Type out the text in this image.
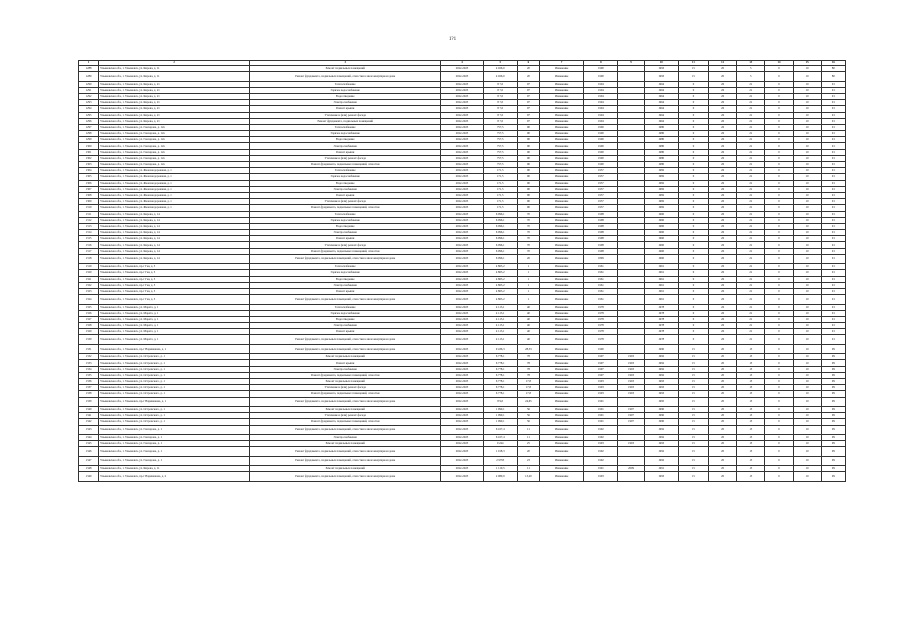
1?1
1	2	3	4	5	6	7	8	9	10	11	12	13	14	15	16
1288	Ульяновская обл., г. Ульяновск, ул. Кирова, д. 11	Ремонт подвальных помещений	2022-2023	4 026,0	20	Изменение	1900		1993	15	20	5	0	10	80
1289	Ульяновская обл., г. Ульяновск, ул. Кирова, д. 11	Ремонт фундамента, подвальных помещений, отмостки в многоквартирном доме	2022-2023	4 026,0	20	Изменение	1900		1993	15	20	5	0	10	80
1290	Ульяновская обл., г. Ульяновск, ул. Кирова, д. 21	Теплоснабжение	2022-2023	8 ?,0	97	Изменение	1904		1964	0	26	21	0	10	91
1291	Ульяновская обл., г. Ульяновск, ул. Кирова, д. 21	Горячее водоснабжение	2022-2023	8 ?,0	97	Изменение	1904		1964	0	26	21	0	10	91
1292	Ульяновская обл., г. Ульяновск, ул. Кирова, д. 21	Водоотведение	2022-2023	8 ?,0	97	Изменение	1904		1964	0	26	21	0	10	91
1293	Ульяновская обл., г. Ульяновск, ул. Кирова, д. 21	Электроснабжение	2022-2023	8 ?,0	97	Изменение	1904		1964	0	26	21	0	10	91
1294	Ульяновская обл., г. Ульяновск, ул. Кирова, д. 21	Ремонт крыши	2022-2023	8 ?,0	97	Изменение	1904		1964	0	26	21	0	10	91
1295	Ульяновская обл., г. Ульяновск, ул. Кирова, д. 21	Утепление и (или) ремонт фасада	2022-2023	8 ?,0	97	Изменение	1904		1964	0	26	21	0	10	91
1296	Ульяновская обл., г. Ульяновск, ул. Кирова, д. 21	Ремонт фундамента, подвальных помещений	2022-2023	8 ?,0	97	Изменение	1904		1964	0	26	21	0	10	91
1297	Ульяновская обл., г. Ульяновск, ул. Гончарова, д. 12а	Теплоснабжение	2022-2023	757,5	90	Изменение	1900		1980	0	26	21	0	10	91
1298	Ульяновская обл., г. Ульяновск, ул. Гончарова, д. 12а	Горячее водоснабжение	2022-2023	757,5	90	Изменение	1900		1980	0	26	21	0	10	91
1299	Ульяновская обл., г. Ульяновск, ул. Гончарова, д. 12а	Водоотведение	2022-2023	757,5	90	Изменение	1900		1980	0	26	21	0	10	91
1300	Ульяновская обл., г. Ульяновск, ул. Гончарова, д. 12а	Электроснабжение	2022-2023	757,5	90	Изменение	1900		1980	0	26	21	0	10	91
1301	Ульяновская обл., г. Ульяновск, ул. Гончарова, д. 12а	Ремонт крыши	2022-2023	757,5	90	Изменение	1900		1980	0	26	21	0	10	91
1302	Ульяновская обл., г. Ульяновск, ул. Гончарова, д. 12а	Утепление и (или) ремонт фасада	2022-2023	757,5	90	Изменение	1900		1980	0	26	21	0	10	91
1303	Ульяновская обл., г. Ульяновск, ул. Гончарова, д. 12а	Ремонт фундамента, подвальных помещений, отмостки	2022-2023	757,5	90	Изменение	1900		1980	0	26	21	0	10	91
1304	Ульяновская обл., г. Ульяновск, ул. Железнодорожная, д. 1	Теплоснабжение	2022-2023	171,5	90	Изменение	1957		1982	0	26	21	0	10	91
1305	Ульяновская обл., г. Ульяновск, ул. Железнодорожная, д. 1	Горячее водоснабжение	2022-2023	171,5	90	Изменение	1957		1982	0	26	21	0	10	91
1306	Ульяновская обл., г. Ульяновск, ул. Железнодорожная, д. 1	Водоотведение	2022-2023	171,5	90	Изменение	1957		1982	0	26	21	0	10	91
1307	Ульяновская обл., г. Ульяновск, ул. Железнодорожная, д. 1	Электроснабжение	2022-2023	171,5	90	Изменение	1957		1982	0	26	21	0	10	91
1308	Ульяновская обл., г. Ульяновск, ул. Железнодорожная, д. 1	Ремонт крыши	2022-2023	171,5	90	Изменение	1957		1982	0	26	21	0	10	91
1309	Ульяновская обл., г. Ульяновск, ул. Железнодорожная, д. 1	Утепление и (или) ремонт фасада	2022-2023	171,5	90	Изменение	1957		1982	0	26	21	0	10	91
1310	Ульяновская обл., г. Ульяновск, ул. Железнодорожная, д. 1	Ремонт фундамента, подвальных помещений, отмостки	2022-2023	171,5	90	Изменение	1957		1982	0	26	21	0	10	91
1311	Ульяновская обл., г. Ульяновск, ул. Кирова, д. 14	Теплоснабжение	2022-2023	6 096,1	70	Изменение	1908		1960	0	26	21	0	10	91
1312	Ульяновская обл., г. Ульяновск, ул. Кирова, д. 14	Горячее водоснабжение	2022-2023	6 096,1	70	Изменение	1908		1960	0	26	21	0	10	91
1313	Ульяновская обл., г. Ульяновск, ул. Кирова, д. 14	Водоотведение	2022-2023	6 096,1	70	Изменение	1908		1960	0	26	21	0	10	91
1314	Ульяновская обл., г. Ульяновск, ул. Кирова, д. 14	Электроснабжение	2022-2023	6 096,1	70	Изменение	1908		1960	0	26	21	0	10	91
1315	Ульяновская обл., г. Ульяновск, ул. Кирова, д. 14	Ремонт крыши	2022-2023	6 096,1	70	Изменение	1908		1960	0	26	21	0	10	91
1316	Ульяновская обл., г. Ульяновск, ул. Кирова, д. 14	Утепление и (или) ремонт фасада	2022-2023	6 096,1	70	Изменение	1908		1960	0	26	21	0	10	91
1317	Ульяновская обл., г. Ульяновск, ул. Кирова, д. 14	Ремонт фундамента, подвальных помещений, отмостки	2022-2023	6 096,1	70	Изменение	1908		1960	0	26	21	0	10	91
1318	Ульяновская обл., г. Ульяновск, ул. Кирова, д. 14	Ремонт фундамента, подвальных помещений, отмостки в многоквартирном доме	2022-2023	6 096,1	26	Изменение	1899		1960	0	26	21	0	10	91
1319	Ульяновская обл., г. Ульяновск, пр-т Гая, д. 3	Теплоснабжение	2022-2023	4 863,2	1	Изменение	1961		1961	0	26	21	0	10	91
1320	Ульяновская обл., г. Ульяновск, пр-т Гая, д. 3	Горячее водоснабжение	2022-2023	4 863,2	1	Изменение	1961		1961	0	26	21	0	10	91
1321	Ульяновская обл., г. Ульяновск, пр-т Гая, д. 3	Водоотведение	2022-2023	4 863,2	1	Изменение	1961		1961	0	26	21	0	10	91
1322	Ульяновская обл., г. Ульяновск, пр-т Гая, д. 3	Электроснабжение	2022-2023	4 863,2	1	Изменение	1961		1961	0	26	21	0	10	91
1323	Ульяновская обл., г. Ульяновск, пр-т Гая, д. 3	Ремонт крыши	2022-2023	4 863,2	1	Изменение	1961		1961	0	26	21	0	10	91
1324	Ульяновская обл., г. Ульяновск, пр-т Гая, д. 3	Ремонт фундамента, подвальных помещений, отмостки в многоквартирном доме	2022-2023	4 863,2	1	Изменение	1961		1961	0	26	21	0	10	91
1325	Ульяновская обл., г. Ульяновск, ул. Марата, д. 1	Теплоснабжение	2022-2023	4 113,1	40	Изменение	1978		1978	0	26	21	0	10	91
1326	Ульяновская обл., г. Ульяновск, ул. Марата, д. 1	Горячее водоснабжение	2022-2023	4 113,1	40	Изменение	1978		1978	0	26	21	0	10	91
1327	Ульяновская обл., г. Ульяновск, ул. Марата, д. 1	Водоотведение	2022-2023	4 113,1	40	Изменение	1978		1978	0	26	21	0	10	91
1328	Ульяновская обл., г. Ульяновск, ул. Марата, д. 1	Электроснабжение	2022-2023	4 113,1	40	Изменение	1978		1978	0	26	21	0	10	91
1329	Ульяновская обл., г. Ульяновск, ул. Марата, д. 1	Ремонт крыши	2022-2023	4 113,1	40	Изменение	1978		1978	0	26	21	0	10	91
1330	Ульяновская обл., г. Ульяновск, ул. Марата, д. 1	Ремонт фундамента, подвальных помещений, отмостки в многоквартирном доме	2022-2023	4 113,1	40	Изменение	1978		1978	0	26	21	0	10	91
1331	Ульяновская обл., г. Ульяновск, пр-т Нариманова, д. 1	Ремонт фундамента, подвальных помещений, отмостки в многоквартирном доме	2022-2023	9 436,3	28,33	Изменение	1990		1990	15	20	15	0	10	99
1332	Ульяновская обл., г. Ульяновск, ул. Островского, д. 1	Ремонт подвальных помещений	2022-2023	6 778,1	78	Изменение	1997	1993	1992	15	20	15	0	10	99
1333	Ульяновская обл., г. Ульяновск, ул. Островского, д. 1	Ремонт крыши	2022-2023	6 778,1	78	Изменение	1997	1993	1992	15	20	15	0	10	99
1334	Ульяновская обл., г. Ульяновск, ул. Островского, д. 1	Электроснабжение	2022-2023	6 778,1	78	Изменение	1997	1993	1992	15	20	15	0	10	99
1335	Ульяновская обл., г. Ульяновск, ул. Островского, д. 1	Ремонт фундамента, подвальных помещений, отмостки	2022-2023	6 778,1	78	Изменение	1997	1993	1992	15	20	15	0	10	99
1336	Ульяновская обл., г. Ульяновск, ул. Островского, д. 1	Ремонт подвальных помещений	2022-2023	6 778,1	17,8	Изменение	1993	1993	1993	15	20	15	0	10	99
1337	Ульяновская обл., г. Ульяновск, ул. Островского, д. 1	Утепление и (или) ремонт фасада	2022-2023	6 778,1	17,8	Изменение	1993	1993	1993	15	20	15	0	10	99
1338	Ульяновская обл., г. Ульяновск, ул. Островского, д. 1	Ремонт фундамента, подвальных помещений, отмостки	2022-2023	6 778,1	17,8	Изменение	1993	1993	1993	15	20	15	0	10	99
1339	Ульяновская обл., г. Ульяновск, пр-т Нариманова, д. 1	Ремонт фундамента, подвальных помещений, отмостки в многоквартирном доме	2022-2023	8 9,0	24,65	Изменение	1991		1995	15	20	15	0	10	99
1340	Ульяновская обл., г. Ульяновск, ул. Островского, д. 1	Ремонт подвальных помещений	2022-2023	1 990,1	56	Изменение	1991	1997	1990	15	20	15	0	10	99
1341	Ульяновская обл., г. Ульяновск, ул. Островского, д. 1	Утепление и (или) ремонт фасада	2022-2023	1 990,1	56	Изменение	1991	1997	1990	15	20	15	0	10	99
1342	Ульяновская обл., г. Ульяновск, ул. Островского, д. 1	Ремонт фундамента, подвальных помещений, отмостки	2022-2023	1 990,1	56	Изменение	1991	1997	1990	15	20	15	0	10	99
1343	Ульяновская обл., г. Ульяновск, ул. Гончарова, д. 1	Ремонт фундамента, подвальных помещений, отмостки в многоквартирном доме	2022-2023	6 167,4	11	Изменение	1992		1992	15	20	15	0	10	99
1344	Ульяновская обл., г. Ульяновск, ул. Гончарова, д. 1	Электроснабжение	2022-2023	6 167,4	11	Изменение	1992		1992	15	20	15	0	10	99
1345	Ульяновская обл., г. Ульяновск, ул. Гончарова, д. 1	Ремонт подвальных помещений	2022-2023	9 244	25	Изменение	1993	1993	1993	15	20	15	0	10	99
1346	Ульяновская обл., г. Ульяновск, ул. Гончарова, д. 1	Ремонт фундамента, подвальных помещений, отмостки в многоквартирном доме	2022-2023	1 018,3	20	Изменение	1992		1992	15	20	15	0	10	99
1347	Ульяновская обл., г. Ульяновск, ул. Гончарова, д. 1	Ремонт фундамента, подвальных помещений, отмостки в многоквартирном доме	2022-2023	2 9793	23	Изменение	1992		1992	15	20	15	0	10	99
1348	Ульяновская обл., г. Ульяновск, ул. Кирова, д. 11	Ремонт подвальных помещений	2022-2023	1 110,3	11	Изменение	1991	2009	1991	15	20	15	0	10	99
1349	Ульяновская обл., г. Ульяновск, пр-т Нариманова, д. 2	Ремонт фундамента, подвальных помещений, отмостки в многоквартирном доме	2022-2023	2 080,9	13,20	Изменение	1993		1993	15	20	15	0	10	99
